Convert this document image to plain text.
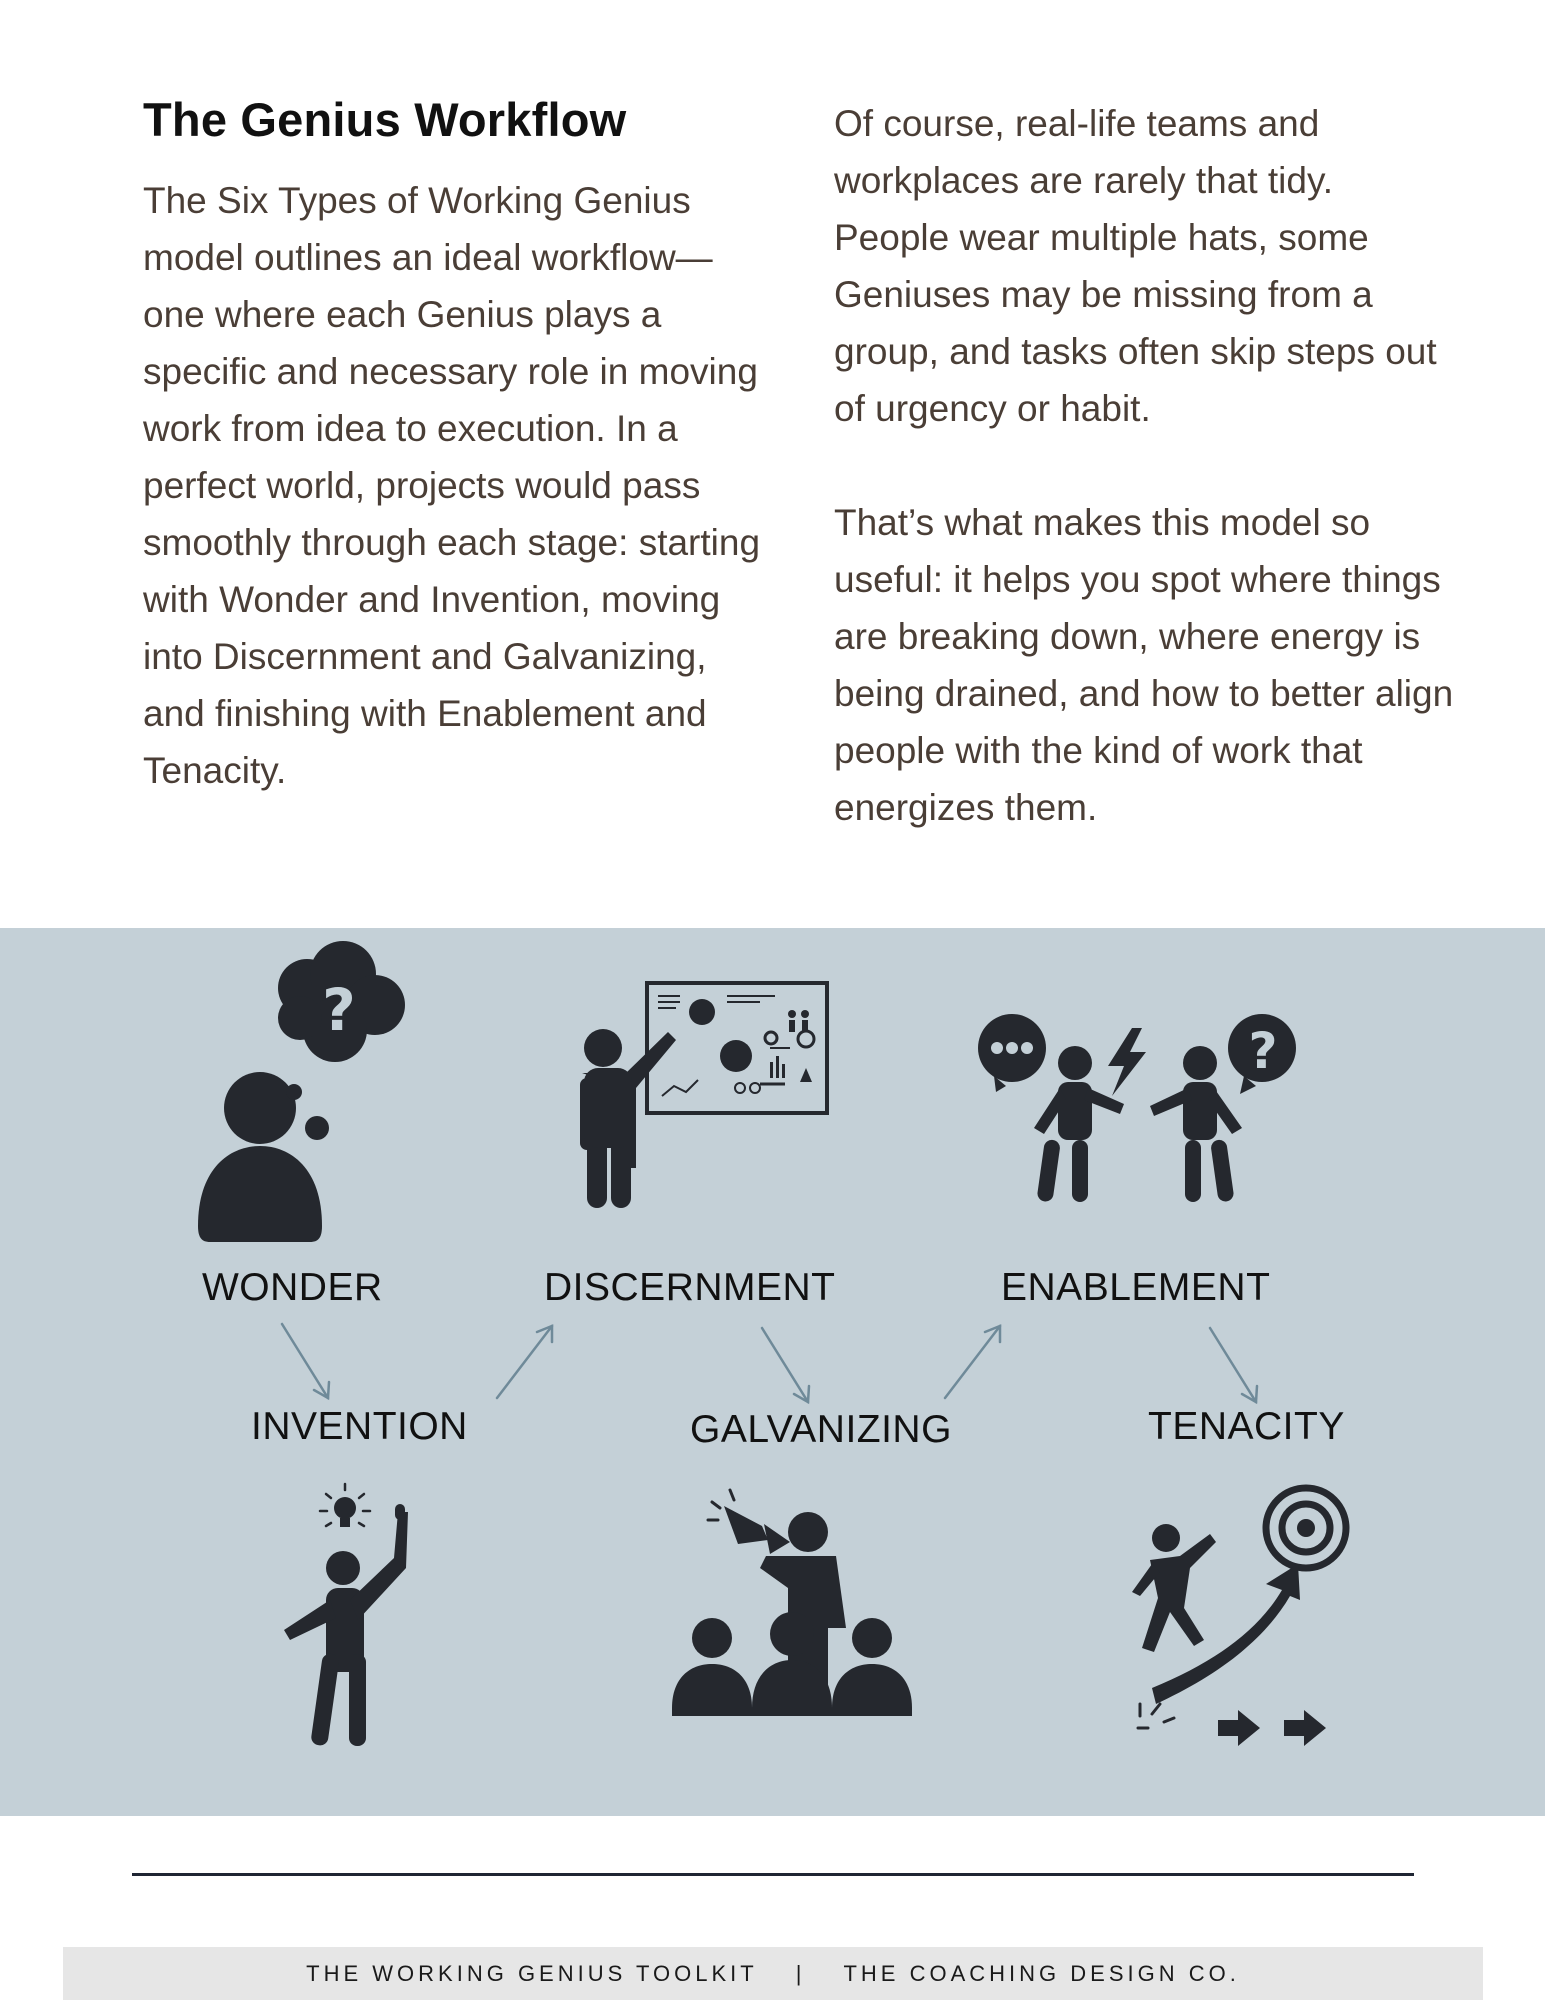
The Genius Workflow

The Six Types of Working Genius model outlines an ideal workflow— one where each Genius plays a specific and necessary role in moving work from idea to execution. In a perfect world, projects would pass smoothly through each stage: starting with Wonder and Invention, moving into Discernment and Galvanizing, and finishing with Enablement and Tenacity.

Of course, real-life teams and workplaces are rarely that tidy. People wear multiple hats, some Geniuses may be missing from a group, and tasks often skip steps out of urgency or habit.

That’s what makes this model so useful: it helps you spot where things are breaking down, where energy is being drained, and how to better align people with the kind of work that energizes them.

?
?
WONDER	DISCERNMENT	ENABLEMENT
INVENTION	GALVANIZING	TENACITY
THE WORKING GENIUS TOOLKIT | THE COACHING DESIGN CO.
